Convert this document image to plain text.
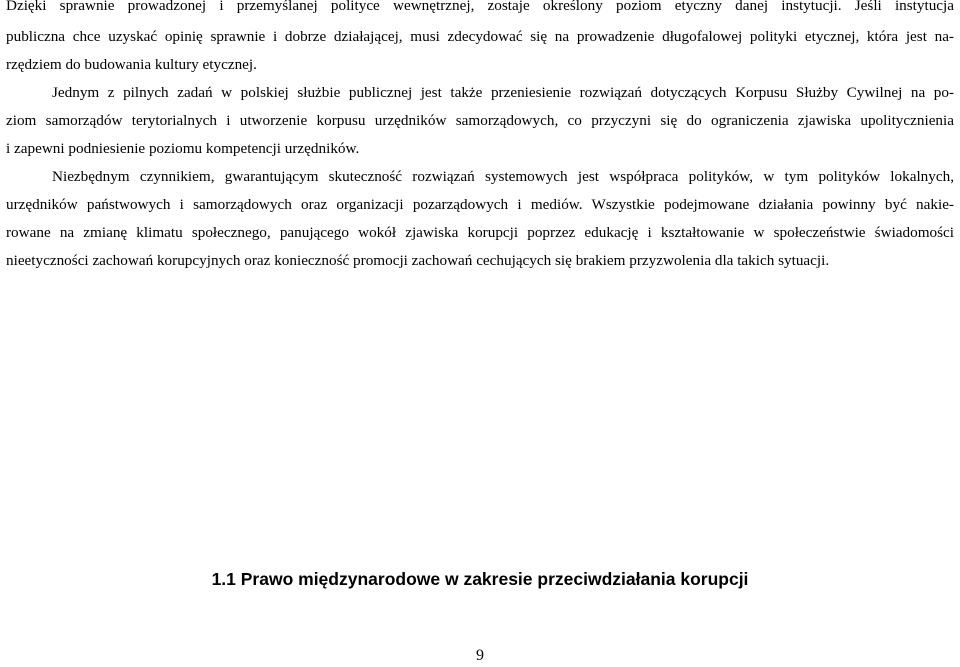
Dzięki sprawnie prowadzonej i przemyślanej polityce wewnętrznej, zostaje określony poziom etyczny danej instytucji. Jeśli instytucja
publiczna chce uzyskać opinię sprawnie i dobrze działającej, musi zdecydować się na prowadzenie długofalowej polityki etycznej, która jest na-
rzędziem do budowania kultury etycznej.
Jednym z pilnych zadań w polskiej służbie publicznej jest także przeniesienie rozwiązań dotyczących Korpusu Służby Cywilnej na po-
ziom samorządów terytorialnych i utworzenie korpusu urzędników samorządowych, co przyczyni się do ograniczenia zjawiska upolitycznienia
i zapewni podniesienie poziomu kompetencji urzędników.
Niezbędnym czynnikiem, gwarantującym skuteczność rozwiązań systemowych jest współpraca polityków, w tym polityków lokalnych,
urzędników państwowych i samorządowych oraz organizacji pozarządowych i mediów. Wszystkie podejmowane działania powinny być nakie-
rowane na zmianę klimatu społecznego, panującego wokół zjawiska korupcji poprzez edukację i kształtowanie w społeczeństwie świadomości
nieetyczności zachowań korupcyjnych oraz konieczność promocji zachowań cechujących się brakiem przyzwolenia dla takich sytuacji.
1.1 Prawo międzynarodowe w zakresie przeciwdziałania korupcji
9
